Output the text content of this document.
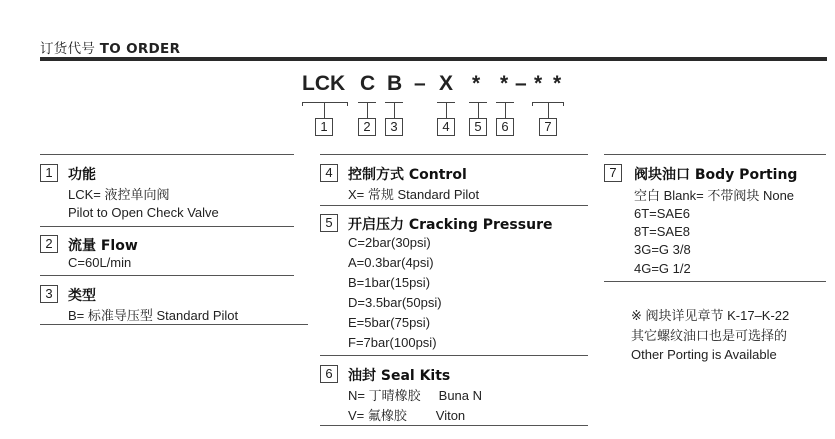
订货代号 TO ORDER
LCK C B – X * * – * *
1	2	3	4	5	6	7
1	功能
LCK= 液控单向阀
Pilot to Open Check Valve
2	流量 Flow
C=60L/min
3	类型
B= 标准导压型 Standard Pilot
4	控制方式 Control
X= 常规 Standard Pilot
5	开启压力 Cracking Pressure
C=2bar(30psi)
A=0.3bar(4psi)
B=1bar(15psi)
D=3.5bar(50psi)
E=5bar(75psi)
F=7bar(100psi)
6	油封 Seal Kits
N= 丁晴橡胶     Buna N
V= 氟橡胶        Viton
7	阀块油口 Body Porting
空白 Blank= 不带阀块 None
6T=SAE6
8T=SAE8
3G=G 3/8
4G=G 1/2
※ 阀块详见章节 K-17–K-22
其它螺纹油口也是可选择的
Other Porting is Available
